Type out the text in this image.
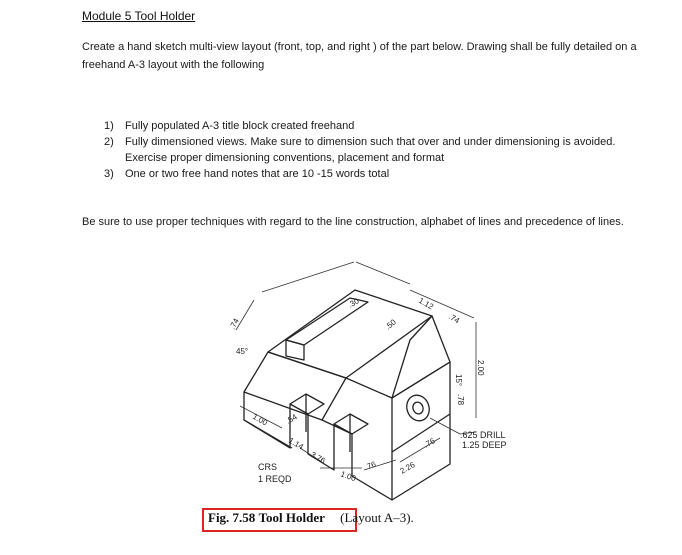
Module 5 Tool Holder
Create a hand sketch multi-view layout (front, top, and right ) of the part below. Drawing shall be fully detailed on a freehand A-3 layout with the following
1)	Fully populated A-3 title block created freehand
2)	Fully dimensioned views. Make sure to dimension such that over and under dimensioning is avoided. Exercise proper dimensioning conventions, placement and format
3)	One or two free hand notes that are 10 -15 words total
Be sure to use proper techniques with regard to the line construction, alphabet of lines and precedence of lines.
.74
45°
.30
.50
1.12
.74
15°
2.00
.78
1.00 .54
1.14
3.76
1.00
.76	2.26
.76
.625 DRILL
1.25 DEEP
CRS
1 REQD
Fig. 7.58 Tool Holder (Layout A–3).
